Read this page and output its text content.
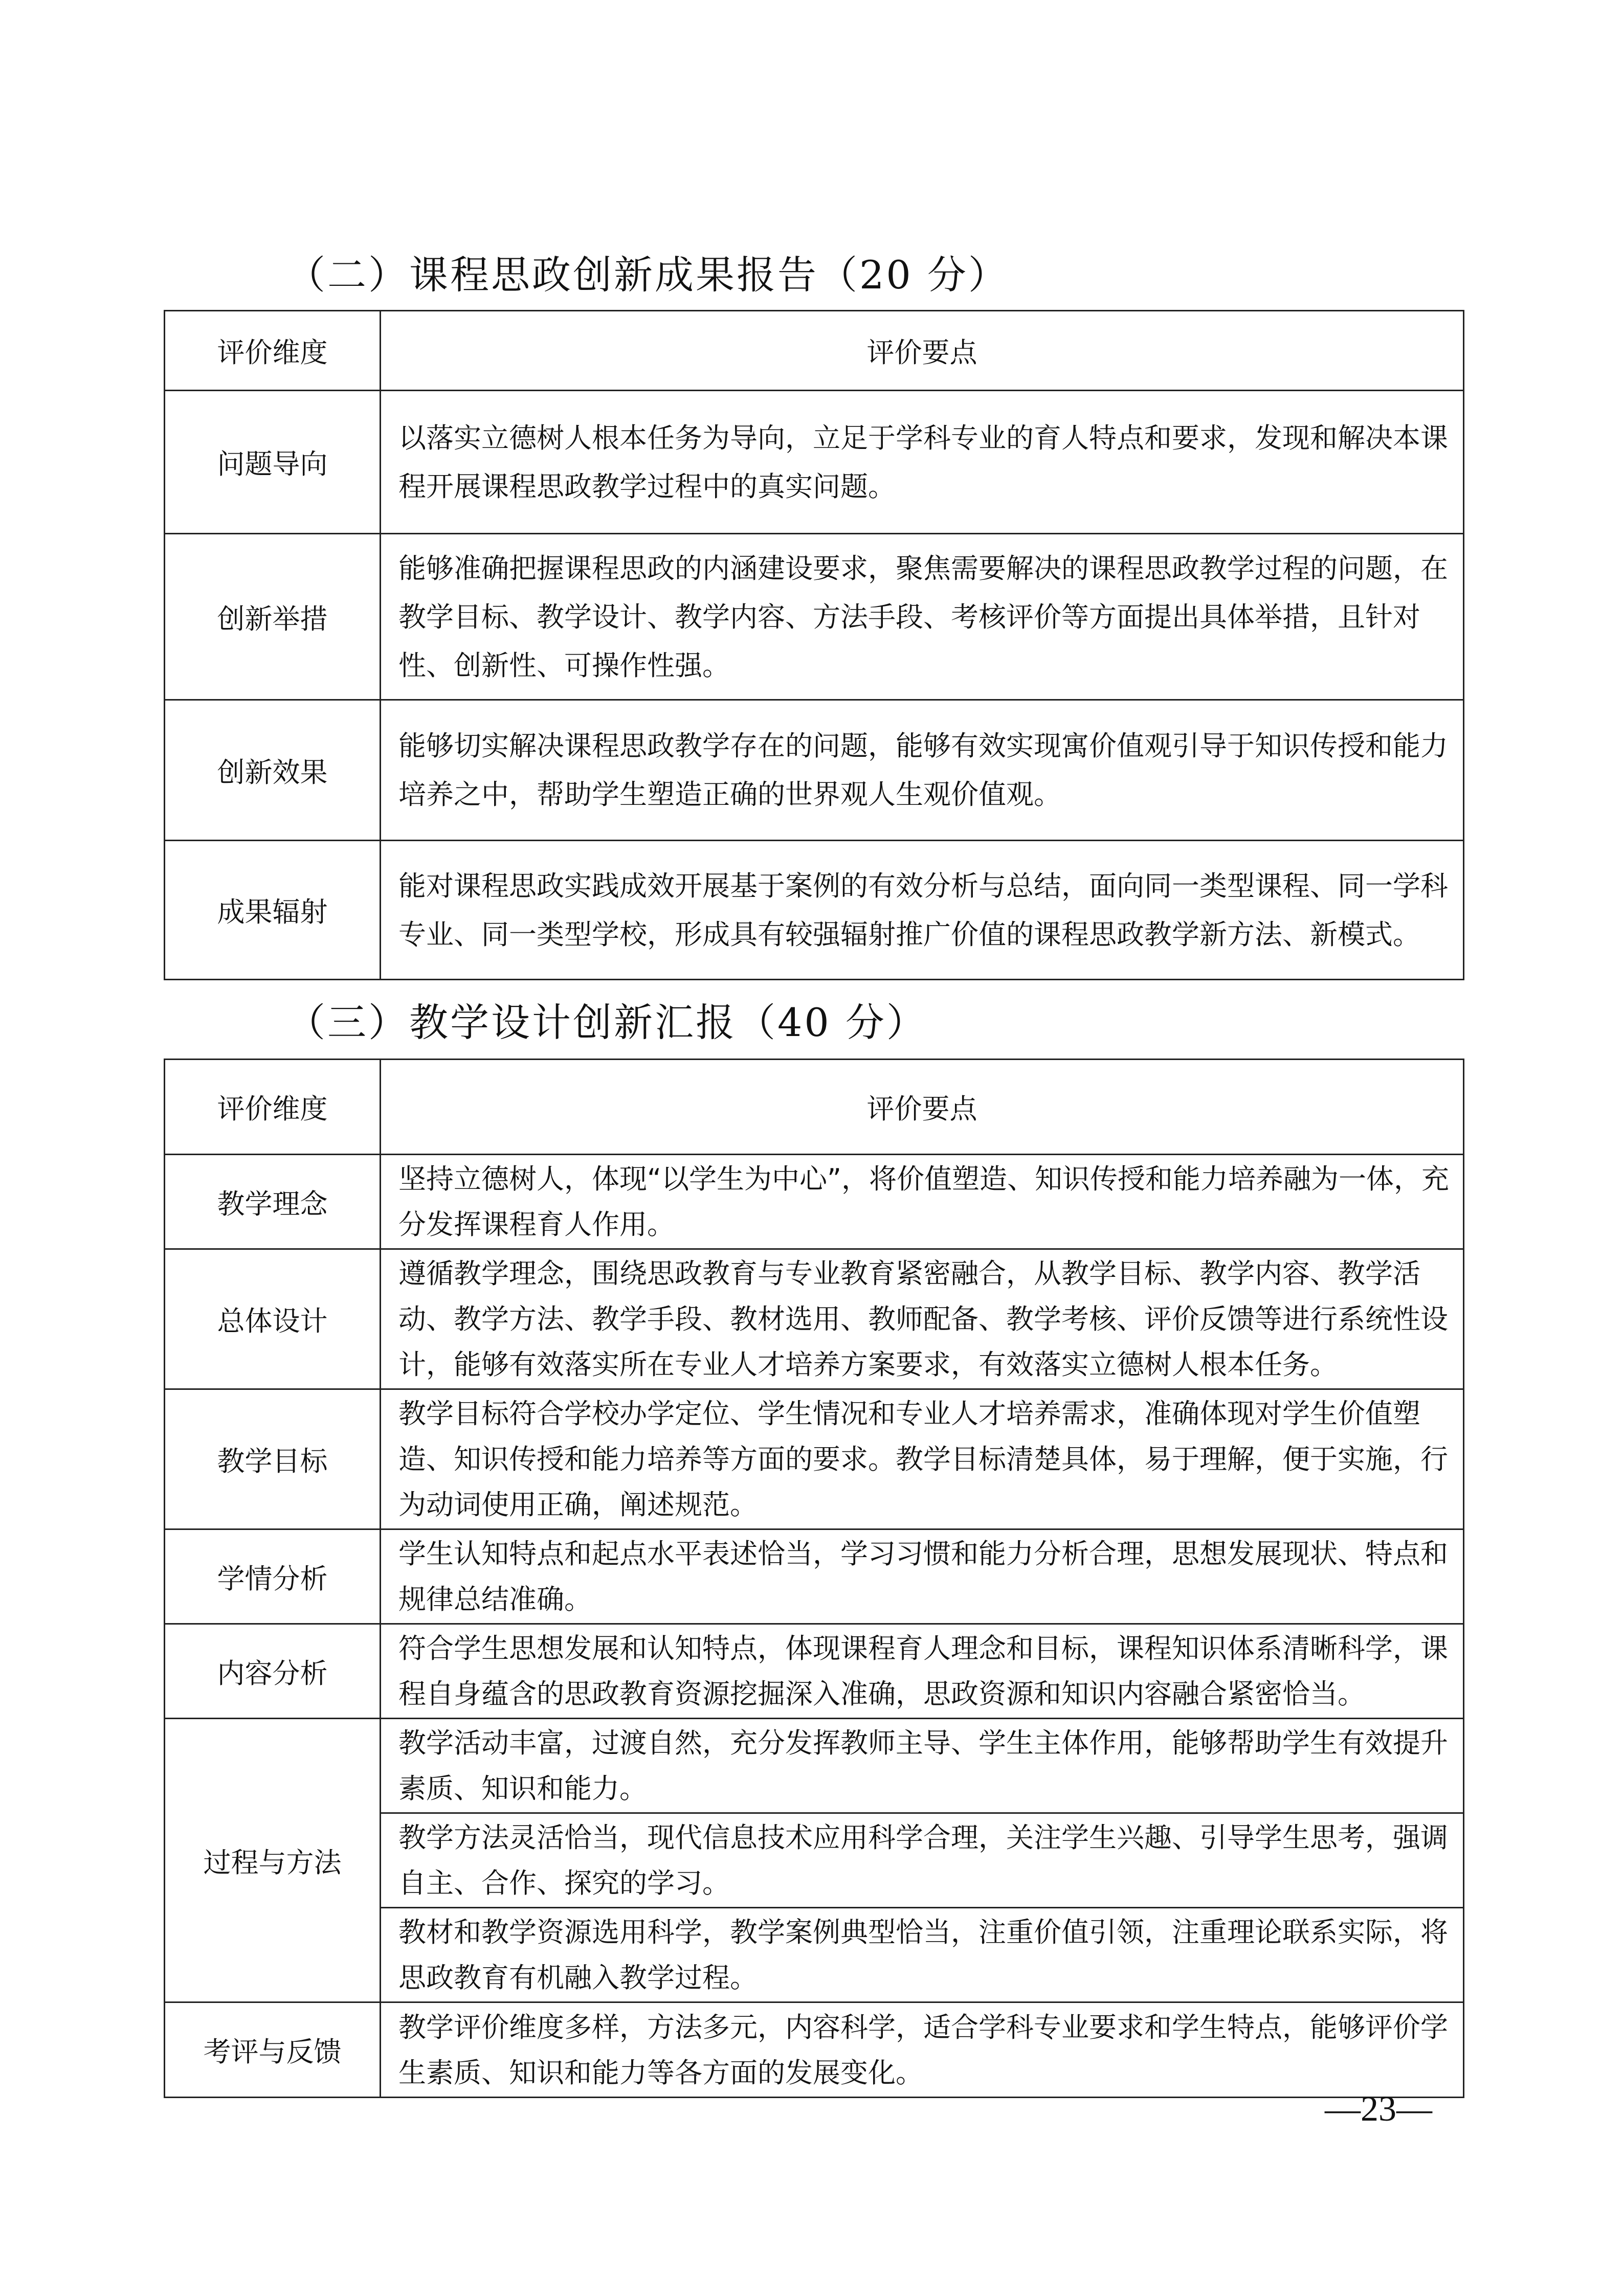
（二）课程思政创新成果报告（20 分）
评价维度	评价要点
问题导向	以落实立德树人根本任务为导向，立足于学科专业的育人特点和要求，发现和解决本课程开展课程思政教学过程中的真实问题。
创新举措	能够准确把握课程思政的内涵建设要求，聚焦需要解决的课程思政教学过程的问题，在教学目标、教学设计、教学内容、方法手段、考核评价等方面提出具体举措，且针对性、创新性、可操作性强。
创新效果	能够切实解决课程思政教学存在的问题，能够有效实现寓价值观引导于知识传授和能力培养之中，帮助学生塑造正确的世界观人生观价值观。
成果辐射	能对课程思政实践成效开展基于案例的有效分析与总结，面向同一类型课程、同一学科专业、同一类型学校，形成具有较强辐射推广价值的课程思政教学新方法、新模式。
（三）教学设计创新汇报（40 分）
评价维度	评价要点
教学理念	坚持立德树人，体现“以学生为中心”，将价值塑造、知识传授和能力培养融为一体，充分发挥课程育人作用。
总体设计	遵循教学理念，围绕思政教育与专业教育紧密融合，从教学目标、教学内容、教学活动、教学方法、教学手段、教材选用、教师配备、教学考核、评价反馈等进行系统性设计，能够有效落实所在专业人才培养方案要求，有效落实立德树人根本任务。
教学目标	教学目标符合学校办学定位、学生情况和专业人才培养需求，准确体现对学生价值塑造、知识传授和能力培养等方面的要求。教学目标清楚具体，易于理解，便于实施，行为动词使用正确，阐述规范。
学情分析	学生认知特点和起点水平表述恰当，学习习惯和能力分析合理，思想发展现状、特点和规律总结准确。
内容分析	符合学生思想发展和认知特点，体现课程育人理念和目标，课程知识体系清晰科学，课程自身蕴含的思政教育资源挖掘深入准确，思政资源和知识内容融合紧密恰当。
过程与方法	教学活动丰富，过渡自然，充分发挥教师主导、学生主体作用，能够帮助学生有效提升素质、知识和能力。
	教学方法灵活恰当，现代信息技术应用科学合理，关注学生兴趣、引导学生思考，强调自主、合作、探究的学习。
	教材和教学资源选用科学，教学案例典型恰当，注重价值引领，注重理论联系实际，将思政教育有机融入教学过程。
考评与反馈	教学评价维度多样，方法多元，内容科学，适合学科专业要求和学生特点，能够评价学生素质、知识和能力等各方面的发展变化。
—23—
